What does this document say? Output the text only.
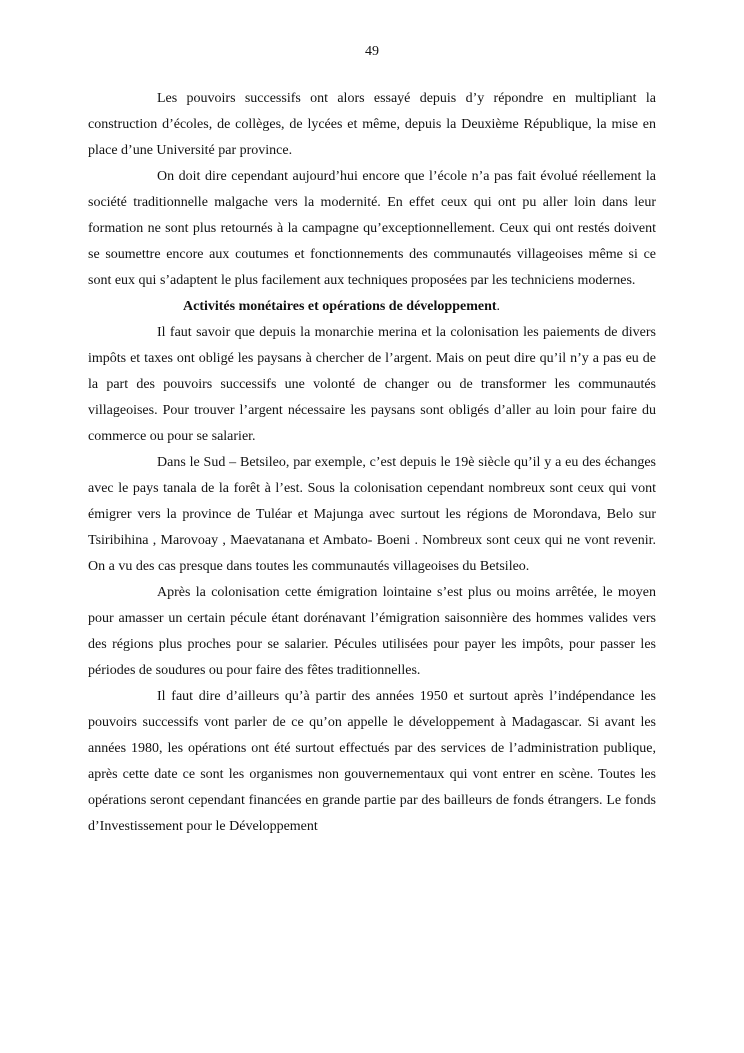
49

Les pouvoirs successifs ont alors essayé depuis d’y répondre en multipliant la construction d’écoles, de collèges, de lycées et même, depuis la Deuxième République, la mise en place d’une Université par province.

On doit dire cependant aujourd’hui encore que l’école n’a pas fait évolué réellement la société traditionnelle malgache vers la modernité. En effet ceux qui ont pu aller loin dans leur formation ne sont plus retournés à la campagne qu’exceptionnellement. Ceux qui ont restés doivent se soumettre encore aux coutumes et fonctionnements des communautés villageoises même si ce sont eux qui s’adaptent le plus facilement aux techniques proposées par les techniciens modernes.

Activités monétaires et opérations de développement.

Il faut savoir que depuis la monarchie merina et la colonisation les paiements de divers impôts et taxes ont obligé les paysans à chercher de l’argent. Mais on peut dire qu’il n’y a pas eu de la part des pouvoirs successifs une volonté de changer ou de transformer les communautés villageoises. Pour trouver l’argent nécessaire les paysans sont obligés d’aller au loin pour faire du commerce ou pour se salarier.

Dans le Sud – Betsileo, par exemple, c’est depuis le 19è siècle qu’il y a eu des échanges avec le pays tanala de la forêt à l’est. Sous la colonisation cependant nombreux sont ceux qui vont émigrer vers la province de Tuléar et Majunga avec surtout les régions de Morondava, Belo sur Tsiribihina , Marovoay , Maevatanana et Ambato- Boeni . Nombreux sont ceux qui ne vont revenir. On a vu des cas presque dans toutes les communautés villageoises du Betsileo.

Après la colonisation cette émigration lointaine s’est plus ou moins arrêtée, le moyen pour amasser un certain pécule étant dorénavant l’émigration saisonnière des hommes valides vers des régions plus proches pour se salarier. Pécules utilisées pour payer les impôts, pour passer les périodes de soudures ou pour faire des fêtes traditionnelles.

Il faut dire d’ailleurs qu’à partir des années 1950 et surtout après l’indépendance les pouvoirs successifs vont parler de ce qu’on appelle le développement à Madagascar. Si avant les années 1980, les opérations ont été surtout effectués par des services de l’administration publique, après cette date ce sont les organismes non gouvernementaux qui vont entrer en scène. Toutes les opérations seront cependant financées en grande partie par des bailleurs de fonds étrangers. Le fonds d’Investissement pour le Développement
